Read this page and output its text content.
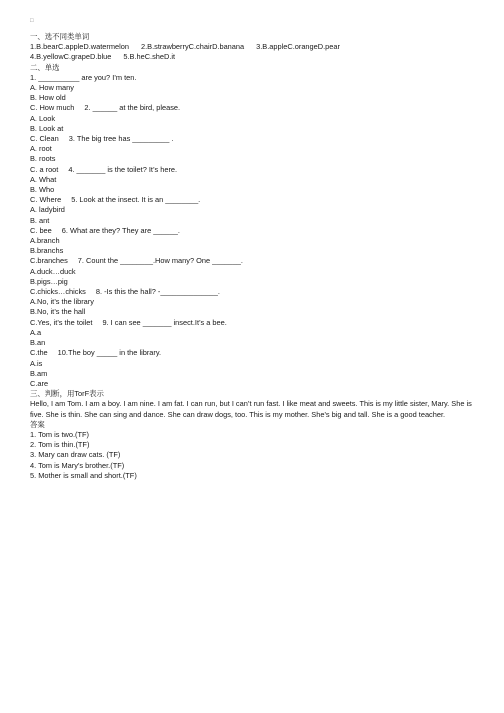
□
一、选不同类单词
1.B.bearC.appleD.watermelon 2.B.strawberryC.chairD.banana 3.B.appleC.orangeD.pear
4.B.yellowC.grapeD.blue 5.B.heC.sheD.it
二、单选
1. __________ are you? I’m ten.
A. How many
B. How old
C. How much 2. ______ at the bird, please.
A. Look
B. Look at
C. Clean 3. The big tree has _________ .
A. root
B. roots
C. a root 4. _______ is the toilet? It’s here.
A. What
B. Who
C. Where 5. Look at the insect. It is an ________.
A. ladybird
B. ant
C. bee 6. What are they? They are ______.
A.branch
B.branchs
C.branches 7. Count the ________.How many? One _______.
A.duck…duck
B.pigs…pig
C.chicks…chicks 8. -Is this the hall? -______________.
A.No, it’s the library
B.No, it’s the hall
C.Yes, it’s the toilet 9. I can see _______ insect.It’s a bee.
A.a
B.an
C.the 10.The boy _____ in the library.
A.is
B.am
C.are
三、判断，用TorF表示
Hello, I am Tom. I am a boy. I am nine. I am fat. I can run, but I can’t run fast. I like meat and sweets. This is my little sister, Mary. She is five. She is thin. She can sing and dance. She can draw dogs, too. This is my mother. She’s big and tall. She is a good teacher.
答案
1. Tom is two.(TF)
2. Tom is thin.(TF)
3. Mary can draw cats. (TF)
4. Tom is Mary’s brother.(TF)
5. Mother is small and short.(TF)
